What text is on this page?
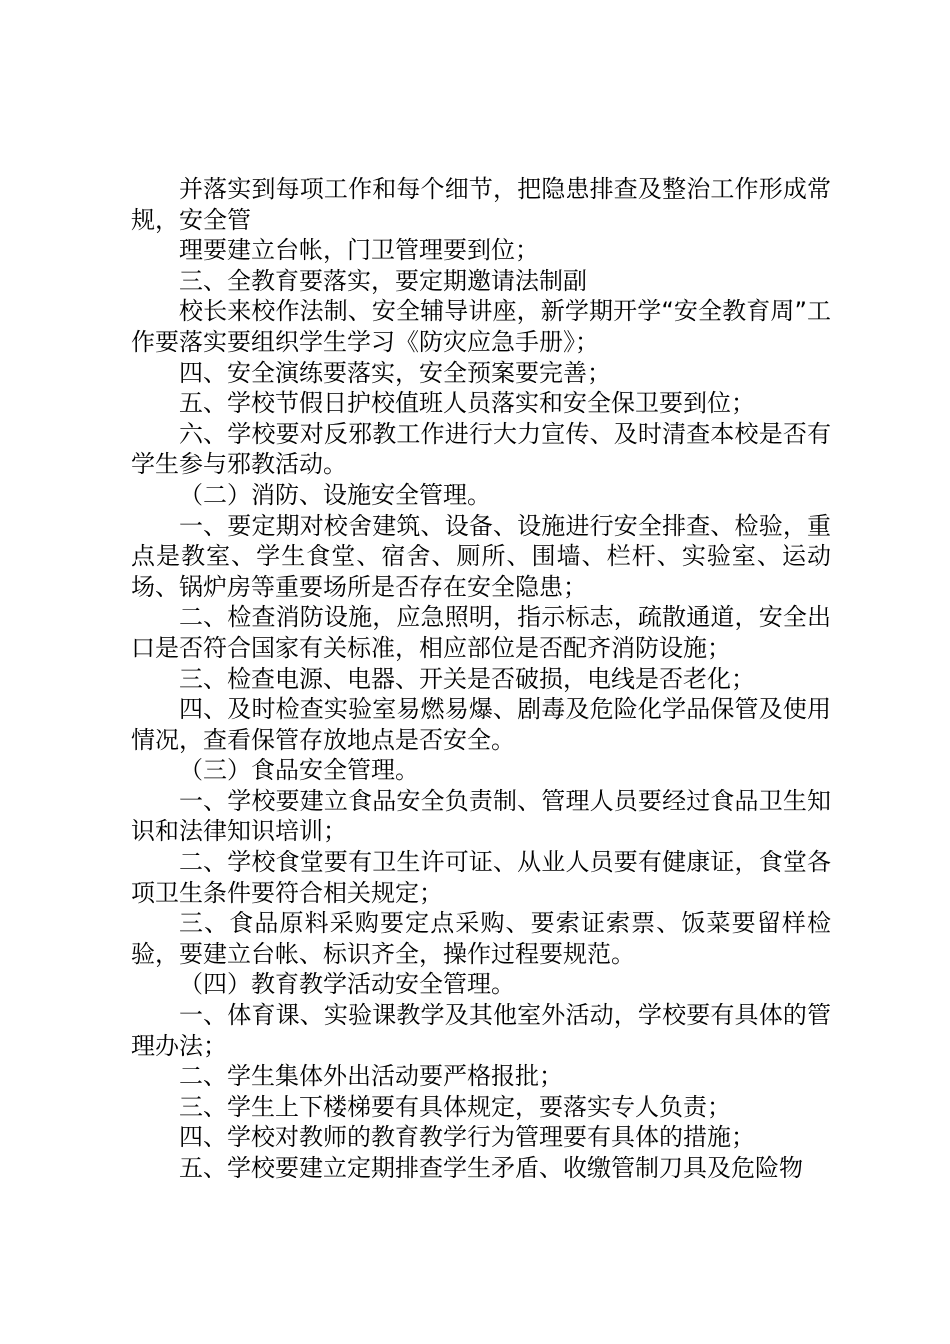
并落实到每项工作和每个细节，把隐患排查及整治工作形成常规，安全管

理要建立台帐，门卫管理要到位；

三、全教育要落实，要定期邀请法制副

校长来校作法制、安全辅导讲座，新学期开学“安全教育周”工作要落实要组织学生学习《防灾应急手册》；

四、安全演练要落实，安全预案要完善；

五、学校节假日护校值班人员落实和安全保卫要到位；

六、学校要对反邪教工作进行大力宣传、及时清查本校是否有学生参与邪教活动。

（二）消防、设施安全管理。

一、要定期对校舍建筑、设备、设施进行安全排查、检验，重点是教室、学生食堂、宿舍、厕所、围墙、栏杆、实验室、运动场、锅炉房等重要场所是否存在安全隐患；

二、检查消防设施，应急照明，指示标志，疏散通道，安全出口是否符合国家有关标准，相应部位是否配齐消防设施；

三、检查电源、电器、开关是否破损，电线是否老化；

四、及时检查实验室易燃易爆、剧毒及危险化学品保管及使用情况，查看保管存放地点是否安全。

（三）食品安全管理。

一、学校要建立食品安全负责制、管理人员要经过食品卫生知识和法律知识培训；

二、学校食堂要有卫生许可证、从业人员要有健康证，食堂各项卫生条件要符合相关规定；

三、食品原料采购要定点采购、要索证索票、饭菜要留样检验，要建立台帐、标识齐全，操作过程要规范。

（四）教育教学活动安全管理。

一、体育课、实验课教学及其他室外活动，学校要有具体的管理办法；

二、学生集体外出活动要严格报批；

三、学生上下楼梯要有具体规定，要落实专人负责；

四、学校对教师的教育教学行为管理要有具体的措施；

五、学校要建立定期排查学生矛盾、收缴管制刀具及危险物
